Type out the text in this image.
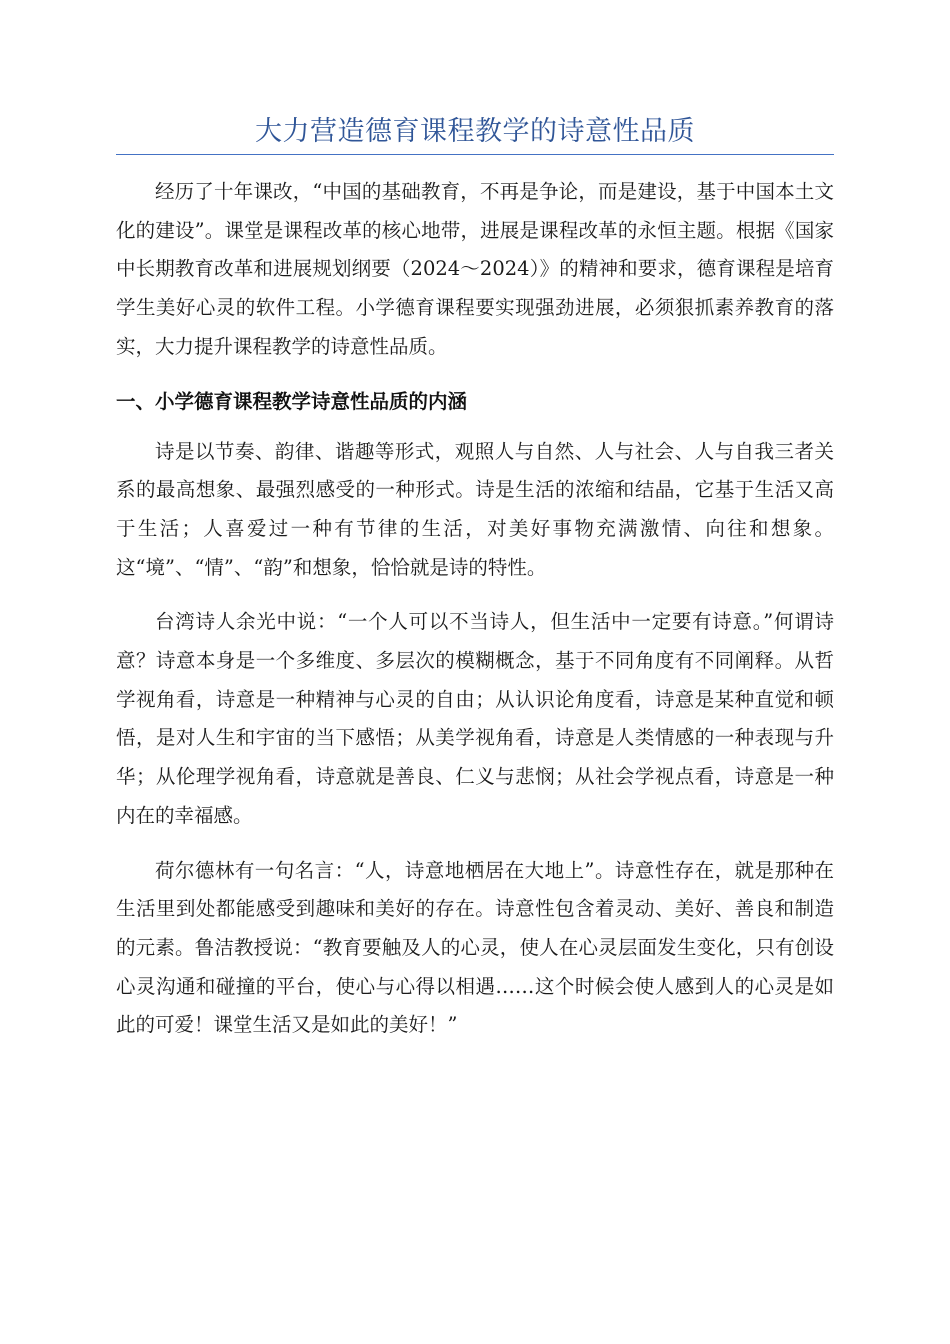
大力营造德育课程教学的诗意性品质

经历了十年课改，“中国的基础教育，不再是争论，而是建设，基于中国本土文化的建设”。课堂是课程改革的核心地带，进展是课程改革的永恒主题。根据《国家中长期教育改革和进展规划纲要（2024～2024）》的精神和要求，德育课程是培育学生美好心灵的软件工程。小学德育课程要实现强劲进展，必须狠抓素养教育的落实，大力提升课程教学的诗意性品质。

一、小学德育课程教学诗意性品质的内涵

诗是以节奏、韵律、谐趣等形式，观照人与自然、人与社会、人与自我三者关系的最高想象、最强烈感受的一种形式。诗是生活的浓缩和结晶，它基于生活又高于生活；人喜爱过一种有节律的生活，对美好事物充满激情、向往和想象。这“境”、“情”、“韵”和想象，恰恰就是诗的特性。

台湾诗人余光中说：“一个人可以不当诗人，但生活中一定要有诗意。”何谓诗意？诗意本身是一个多维度、多层次的模糊概念，基于不同角度有不同阐释。从哲学视角看，诗意是一种精神与心灵的自由；从认识论角度看，诗意是某种直觉和顿悟，是对人生和宇宙的当下感悟；从美学视角看，诗意是人类情感的一种表现与升华；从伦理学视角看，诗意就是善良、仁义与悲悯；从社会学视点看，诗意是一种内在的幸福感。

荷尔德林有一句名言：“人，诗意地栖居在大地上”。诗意性存在，就是那种在生活里到处都能感受到趣味和美好的存在。诗意性包含着灵动、美好、善良和制造的元素。鲁洁教授说：“教育要触及人的心灵，使人在心灵层面发生变化，只有创设心灵沟通和碰撞的平台，使心与心得以相遇……这个时候会使人感到人的心灵是如此的可爱！课堂生活又是如此的美好！”
